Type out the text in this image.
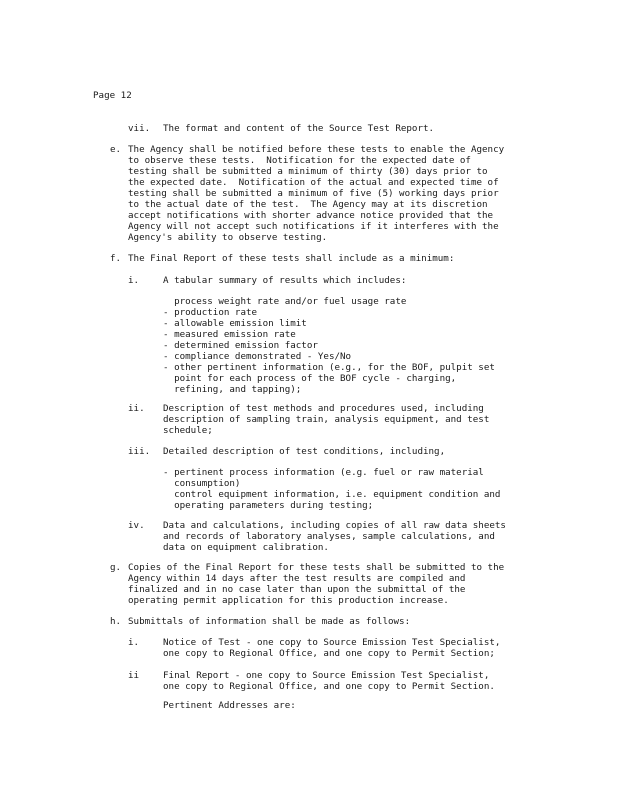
Page 12
vii. The format and content of the Source Test Report.
e. The Agency shall be notified before these tests to enable the Agency
to observe these tests.  Notification for the expected date of
testing shall be submitted a minimum of thirty (30) days prior to
the expected date.  Notification of the actual and expected time of
testing shall be submitted a minimum of five (5) working days prior
to the actual date of the test.  The Agency may at its discretion
accept notifications with shorter advance notice provided that the
Agency will not accept such notifications if it interferes with the
Agency's ability to observe testing.
f. The Final Report of these tests shall include as a minimum:
i.	A tabular summary of results which includes:
process weight rate and/or fuel usage rate
- production rate
- allowable emission limit
- measured emission rate
- determined emission factor
- compliance demonstrated - Yes/No
- other pertinent information (e.g., for the BOF, pulpit set
point for each process of the BOF cycle - charging,
refining, and tapping);
ii. Description of test methods and procedures used, including
description of sampling train, analysis equipment, and test
schedule;
iii. Detailed description of test conditions, including,
- pertinent process information (e.g. fuel or raw material
consumption)
control equipment information, i.e. equipment condition and
operating parameters during testing;
iv. Data and calculations, including copies of all raw data sheets
and records of laboratory analyses, sample calculations, and
data on equipment calibration.
g. Copies of the Final Report for these tests shall be submitted to the
Agency within 14 days after the test results are compiled and
finalized and in no case later than upon the submittal of the
operating permit application for this production increase.
h. Submittals of information shall be made as follows:
i.	Notice of Test - one copy to Source Emission Test Specialist,
one copy to Regional Office, and one copy to Permit Section;
ii	Final Report - one copy to Source Emission Test Specialist,
one copy to Regional Office, and one copy to Permit Section.
Pertinent Addresses are:
